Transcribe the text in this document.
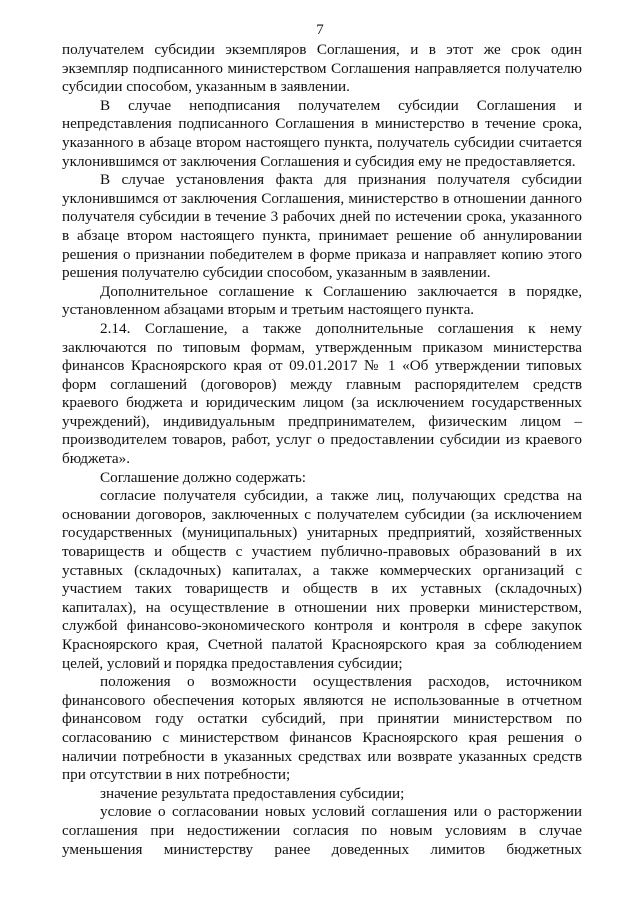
7

получателем субсидии экземпляров Соглашения, и в этот же срок один экземпляр подписанного министерством Соглашения направляется получателю субсидии способом, указанным в заявлении.

В случае неподписания получателем субсидии Соглашения и непредставления подписанного Соглашения в министерство в течение срока, указанного в абзаце втором настоящего пункта, получатель субсидии считается уклонившимся от заключения Соглашения и субсидия ему не предоставляется.

В случае установления факта для признания получателя субсидии уклонившимся от заключения Соглашения, министерство в отношении данного получателя субсидии в течение 3 рабочих дней по истечении срока, указанного в абзаце втором настоящего пункта, принимает решение об аннулировании решения о признании победителем в форме приказа и направляет копию этого решения получателю субсидии способом, указанным в заявлении.

Дополнительное соглашение к Соглашению заключается в порядке, установленном абзацами вторым и третьим настоящего пункта.

2.14. Соглашение, а также дополнительные соглашения к нему заключаются по типовым формам, утвержденным приказом министерства финансов Красноярского края от 09.01.2017 № 1 «Об утверждении типовых форм соглашений (договоров) между главным распорядителем средств краевого бюджета и юридическим лицом (за исключением государственных учреждений), индивидуальным предпринимателем, физическим лицом – производителем товаров, работ, услуг о предоставлении субсидии из краевого бюджета».

Соглашение должно содержать:

согласие получателя субсидии, а также лиц, получающих средства на основании договоров, заключенных с получателем субсидии (за исключением государственных (муниципальных) унитарных предприятий, хозяйственных товариществ и обществ с участием публично-правовых образований в их уставных (складочных) капиталах, а также коммерческих организаций с участием таких товариществ и обществ в их уставных (складочных) капиталах), на осуществление в отношении них проверки министерством, службой финансово-экономического контроля и контроля в сфере закупок Красноярского края, Счетной палатой Красноярского края за соблюдением целей, условий и порядка предоставления субсидии;

положения о возможности осуществления расходов, источником финансового обеспечения которых являются не использованные в отчетном финансовом году остатки субсидий, при принятии министерством по согласованию с министерством финансов Красноярского края решения о наличии потребности в указанных средствах или возврате указанных средств при отсутствии в них потребности;

значение результата предоставления субсидии;

условие о согласовании новых условий соглашения или о расторжении соглашения при недостижении согласия по новым условиям в случае уменьшения министерству ранее доведенных лимитов бюджетных
